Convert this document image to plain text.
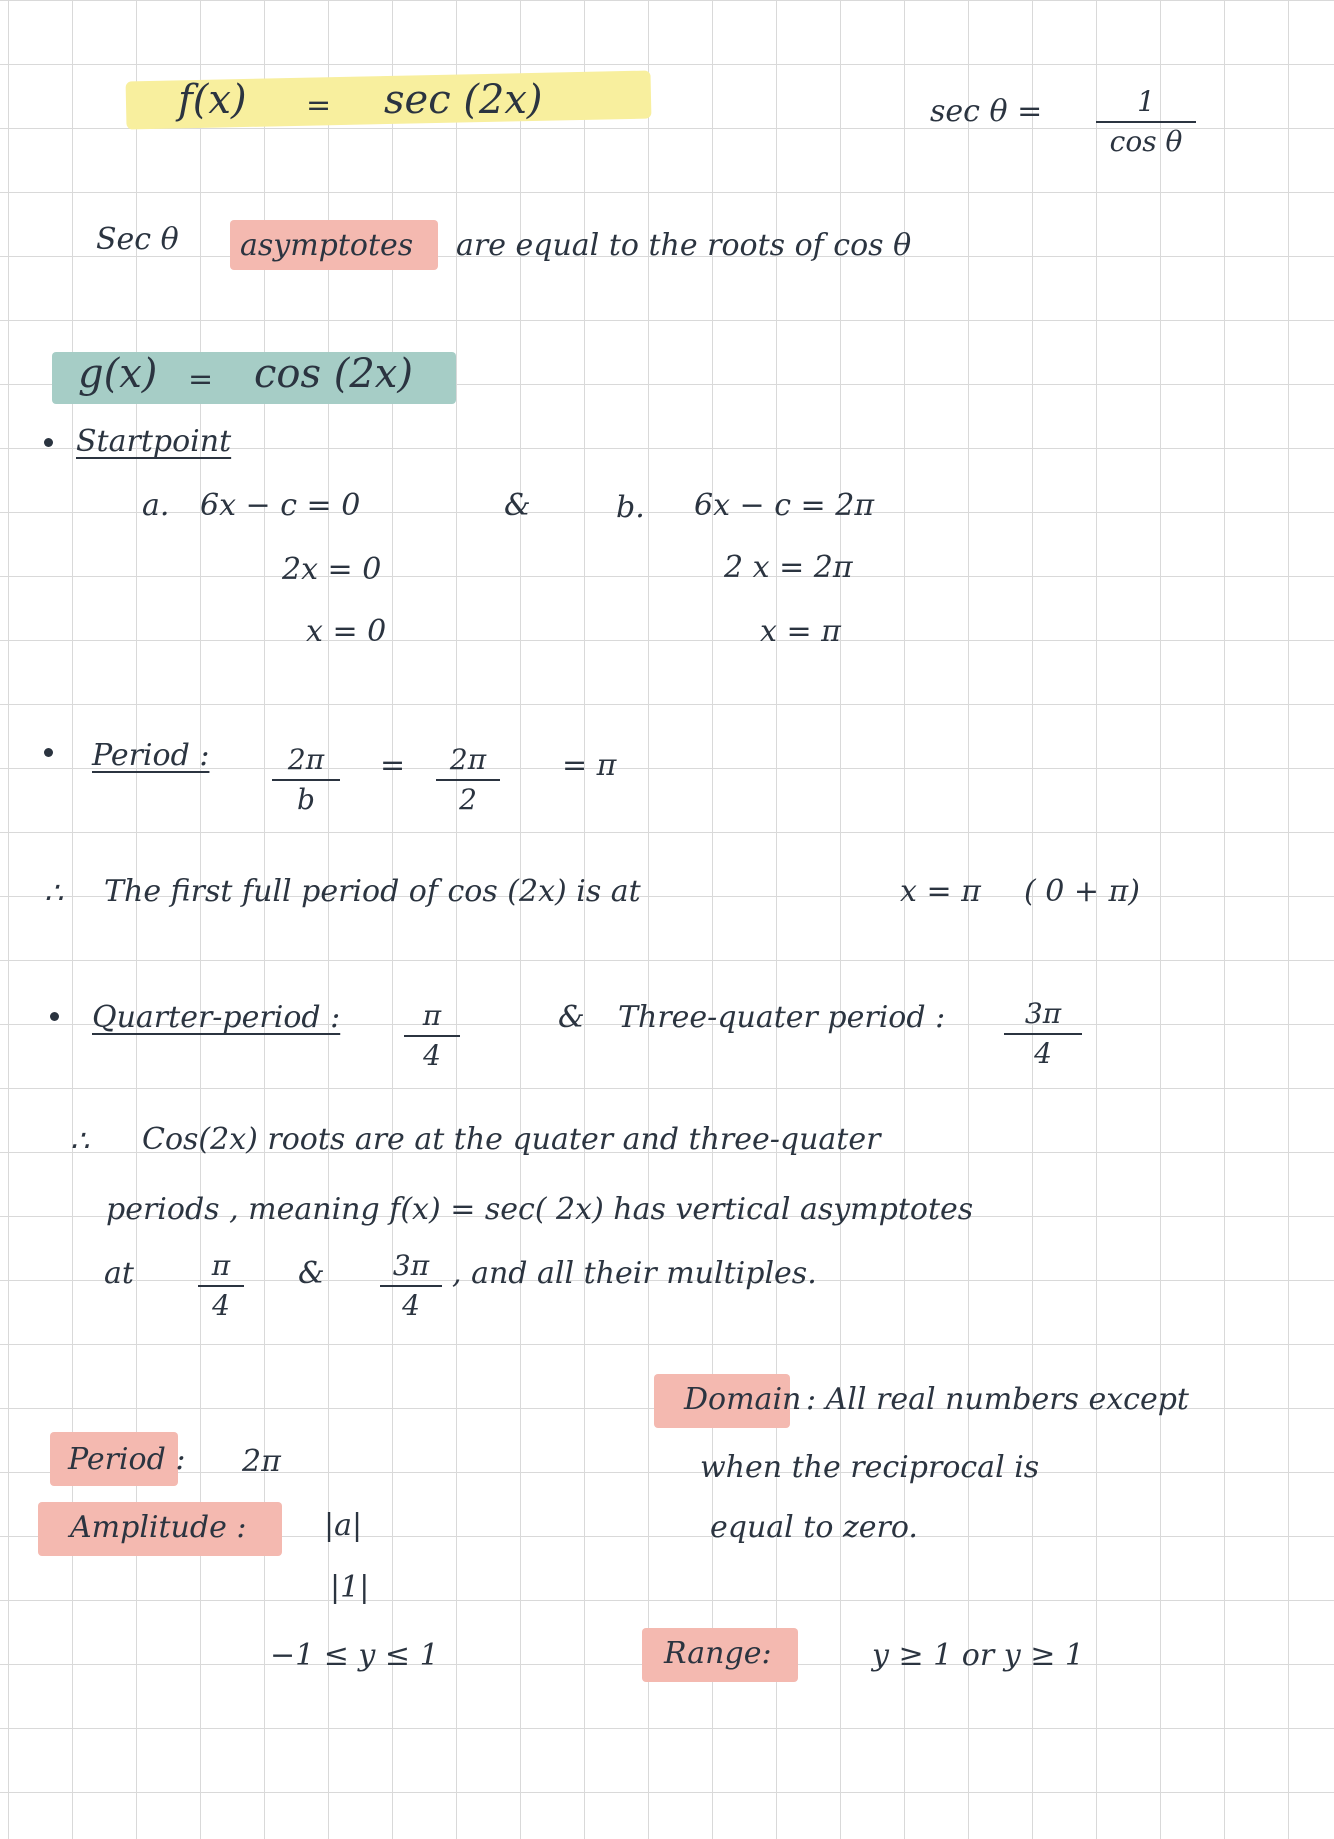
f(x) = sec (2x)	sec θ =	1
cos θ
Sec θ asymptotes are equal to the roots of cos θ
g(x) = cos (2x)
Startpoint
a. 6x − c = 0
2x = 0
x = 0
&	b. 6x − c = 2π
2 x = 2π
x = π
Period :	2π
b
= 2π
2
= π
∴ The first full period of cos (2x) is at	x = π ( 0 + π)
Quarter-period :	π
4
& Three-quater period :	3π
4
∴ Cos(2x) roots are at the quater and three-quater
periods , meaning f(x) = sec( 2x) has vertical asymptotes
at	π
4
& 3π
4
, and all their multiples.
Domain : All real numbers except
when the reciprocal is
equal to zero.
Period : 2π
Amplitude :	|a|
|1|
−1 ≤ y ≤ 1	Range:	y ≥ 1 or y ≥ 1
